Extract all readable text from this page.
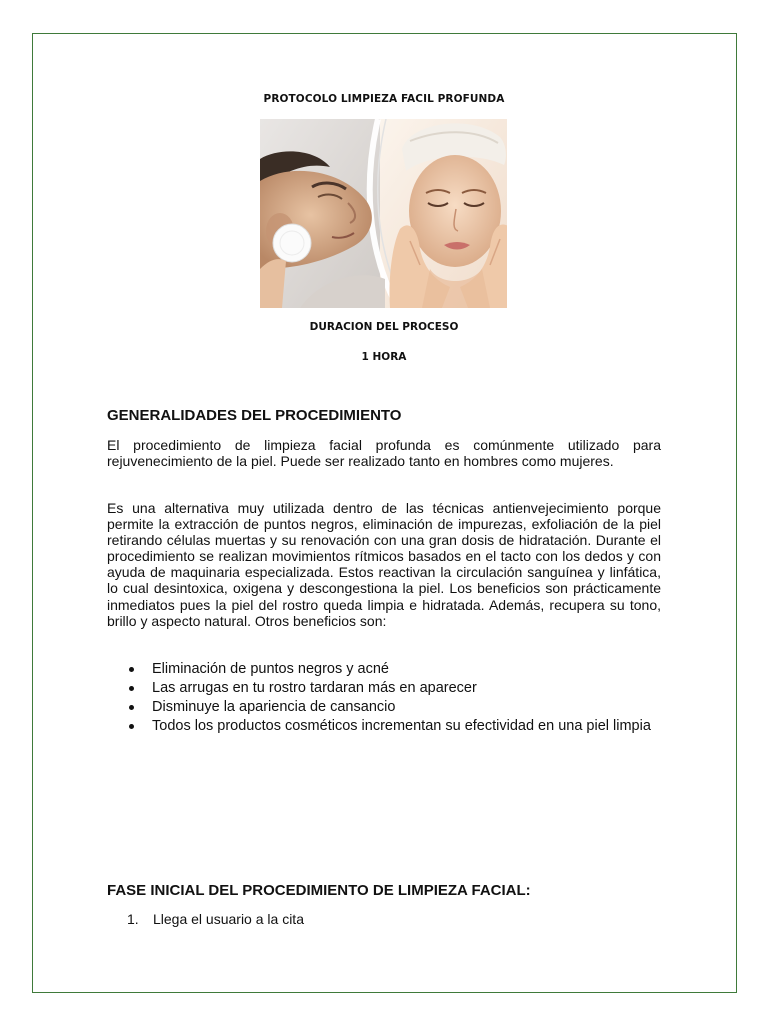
PROTOCOLO LIMPIEZA FACIL PROFUNDA
DURACION DEL PROCESO
1 HORA
GENERALIDADES DEL PROCEDIMIENTO
El procedimiento de limpieza facial profunda es comúnmente utilizado para rejuvenecimiento de la piel. Puede ser realizado tanto en hombres como mujeres.
Es una alternativa muy utilizada dentro de las técnicas antienvejecimiento porque permite la extracción de puntos negros, eliminación de impurezas, exfoliación de la piel retirando células muertas y su renovación con una gran dosis de hidratación. Durante el procedimiento se realizan movimientos rítmicos basados en el tacto con los dedos y con ayuda de maquinaria especializada. Estos reactivan la circulación sanguínea y linfática, lo cual desintoxica, oxigena y descongestiona la piel. Los beneficios son prácticamente inmediatos pues la piel del rostro queda limpia e hidratada. Además, recupera su tono, brillo y aspecto natural. Otros beneficios son:
Eliminación de puntos negros y acné
Las arrugas en tu rostro tardaran más en aparecer
Disminuye la apariencia de cansancio
Todos los productos cosméticos incrementan su efectividad en una piel limpia
FASE INICIAL DEL PROCEDIMIENTO DE LIMPIEZA FACIAL:
1. Llega el usuario a la cita
